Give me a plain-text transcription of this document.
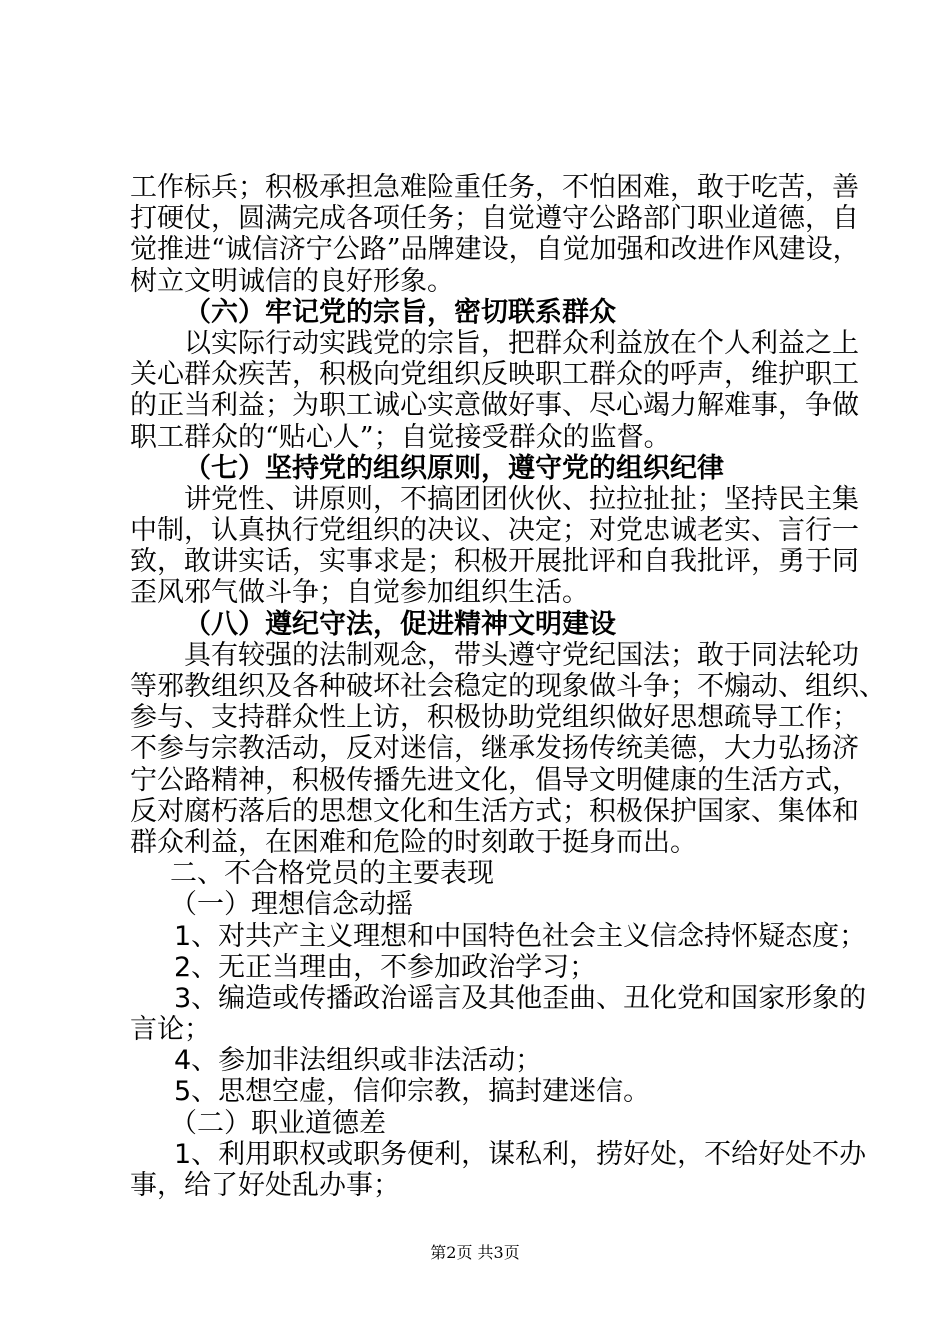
工作标兵；积极承担急难险重任务，不怕困难，敢于吃苦，善
打硬仗，圆满完成各项任务；自觉遵守公路部门职业道德，自
觉推进“诚信济宁公路”品牌建设，自觉加强和改进作风建设，
树立文明诚信的良好形象。
（六）牢记党的宗旨，密切联系群众
以实际行动实践党的宗旨，把群众利益放在个人利益之上
关心群众疾苦，积极向党组织反映职工群众的呼声，维护职工
的正当利益；为职工诚心实意做好事、尽心竭力解难事，争做
职工群众的“贴心人”；自觉接受群众的监督。
（七）坚持党的组织原则，遵守党的组织纪律
讲党性、讲原则，不搞团团伙伙、拉拉扯扯；坚持民主集
中制，认真执行党组织的决议、决定；对党忠诚老实、言行一
致，敢讲实话，实事求是；积极开展批评和自我批评，勇于同
歪风邪气做斗争；自觉参加组织生活。
（八）遵纪守法，促进精神文明建设
具有较强的法制观念，带头遵守党纪国法；敢于同法轮功
等邪教组织及各种破坏社会稳定的现象做斗争；不煽动、组织、
参与、支持群众性上访，积极协助党组织做好思想疏导工作；
不参与宗教活动，反对迷信，继承发扬传统美德，大力弘扬济
宁公路精神，积极传播先进文化，倡导文明健康的生活方式，
反对腐朽落后的思想文化和生活方式；积极保护国家、集体和
群众利益，在困难和危险的时刻敢于挺身而出。
二、不合格党员的主要表现
（一）理想信念动摇
1、对共产主义理想和中国特色社会主义信念持怀疑态度；
2、无正当理由，不参加政治学习；
3、编造或传播政治谣言及其他歪曲、丑化党和国家形象的
言论；
4、参加非法组织或非法活动；
5、思想空虚，信仰宗教，搞封建迷信。
（二）职业道德差
1、利用职权或职务便利，谋私利，捞好处，不给好处不办
事，给了好处乱办事；
第2页 共3页
